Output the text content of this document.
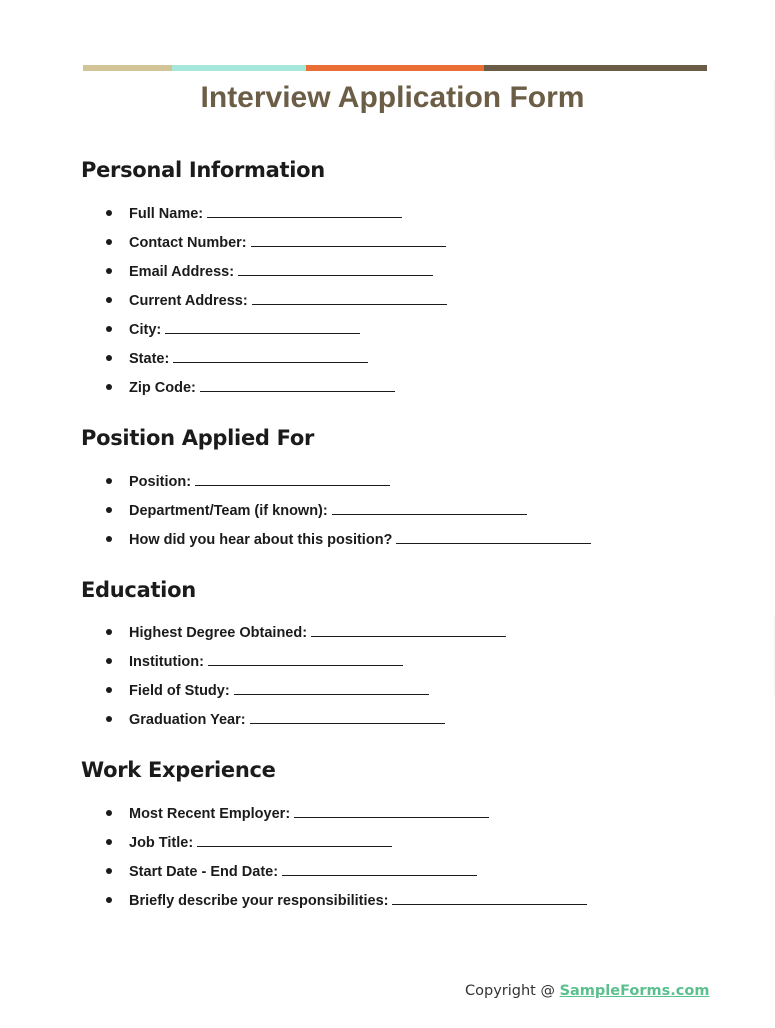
Interview Application Form
Personal Information
Full Name:
Contact Number:
Email Address:
Current Address:
City:
State:
Zip Code:
Position Applied For
Position:
Department/Team (if known):
How did you hear about this position?
Education
Highest Degree Obtained:
Institution:
Field of Study:
Graduation Year:
Work Experience
Most Recent Employer:
Job Title:
Start Date - End Date:
Briefly describe your responsibilities:
Copyright @ SampleForms.com
